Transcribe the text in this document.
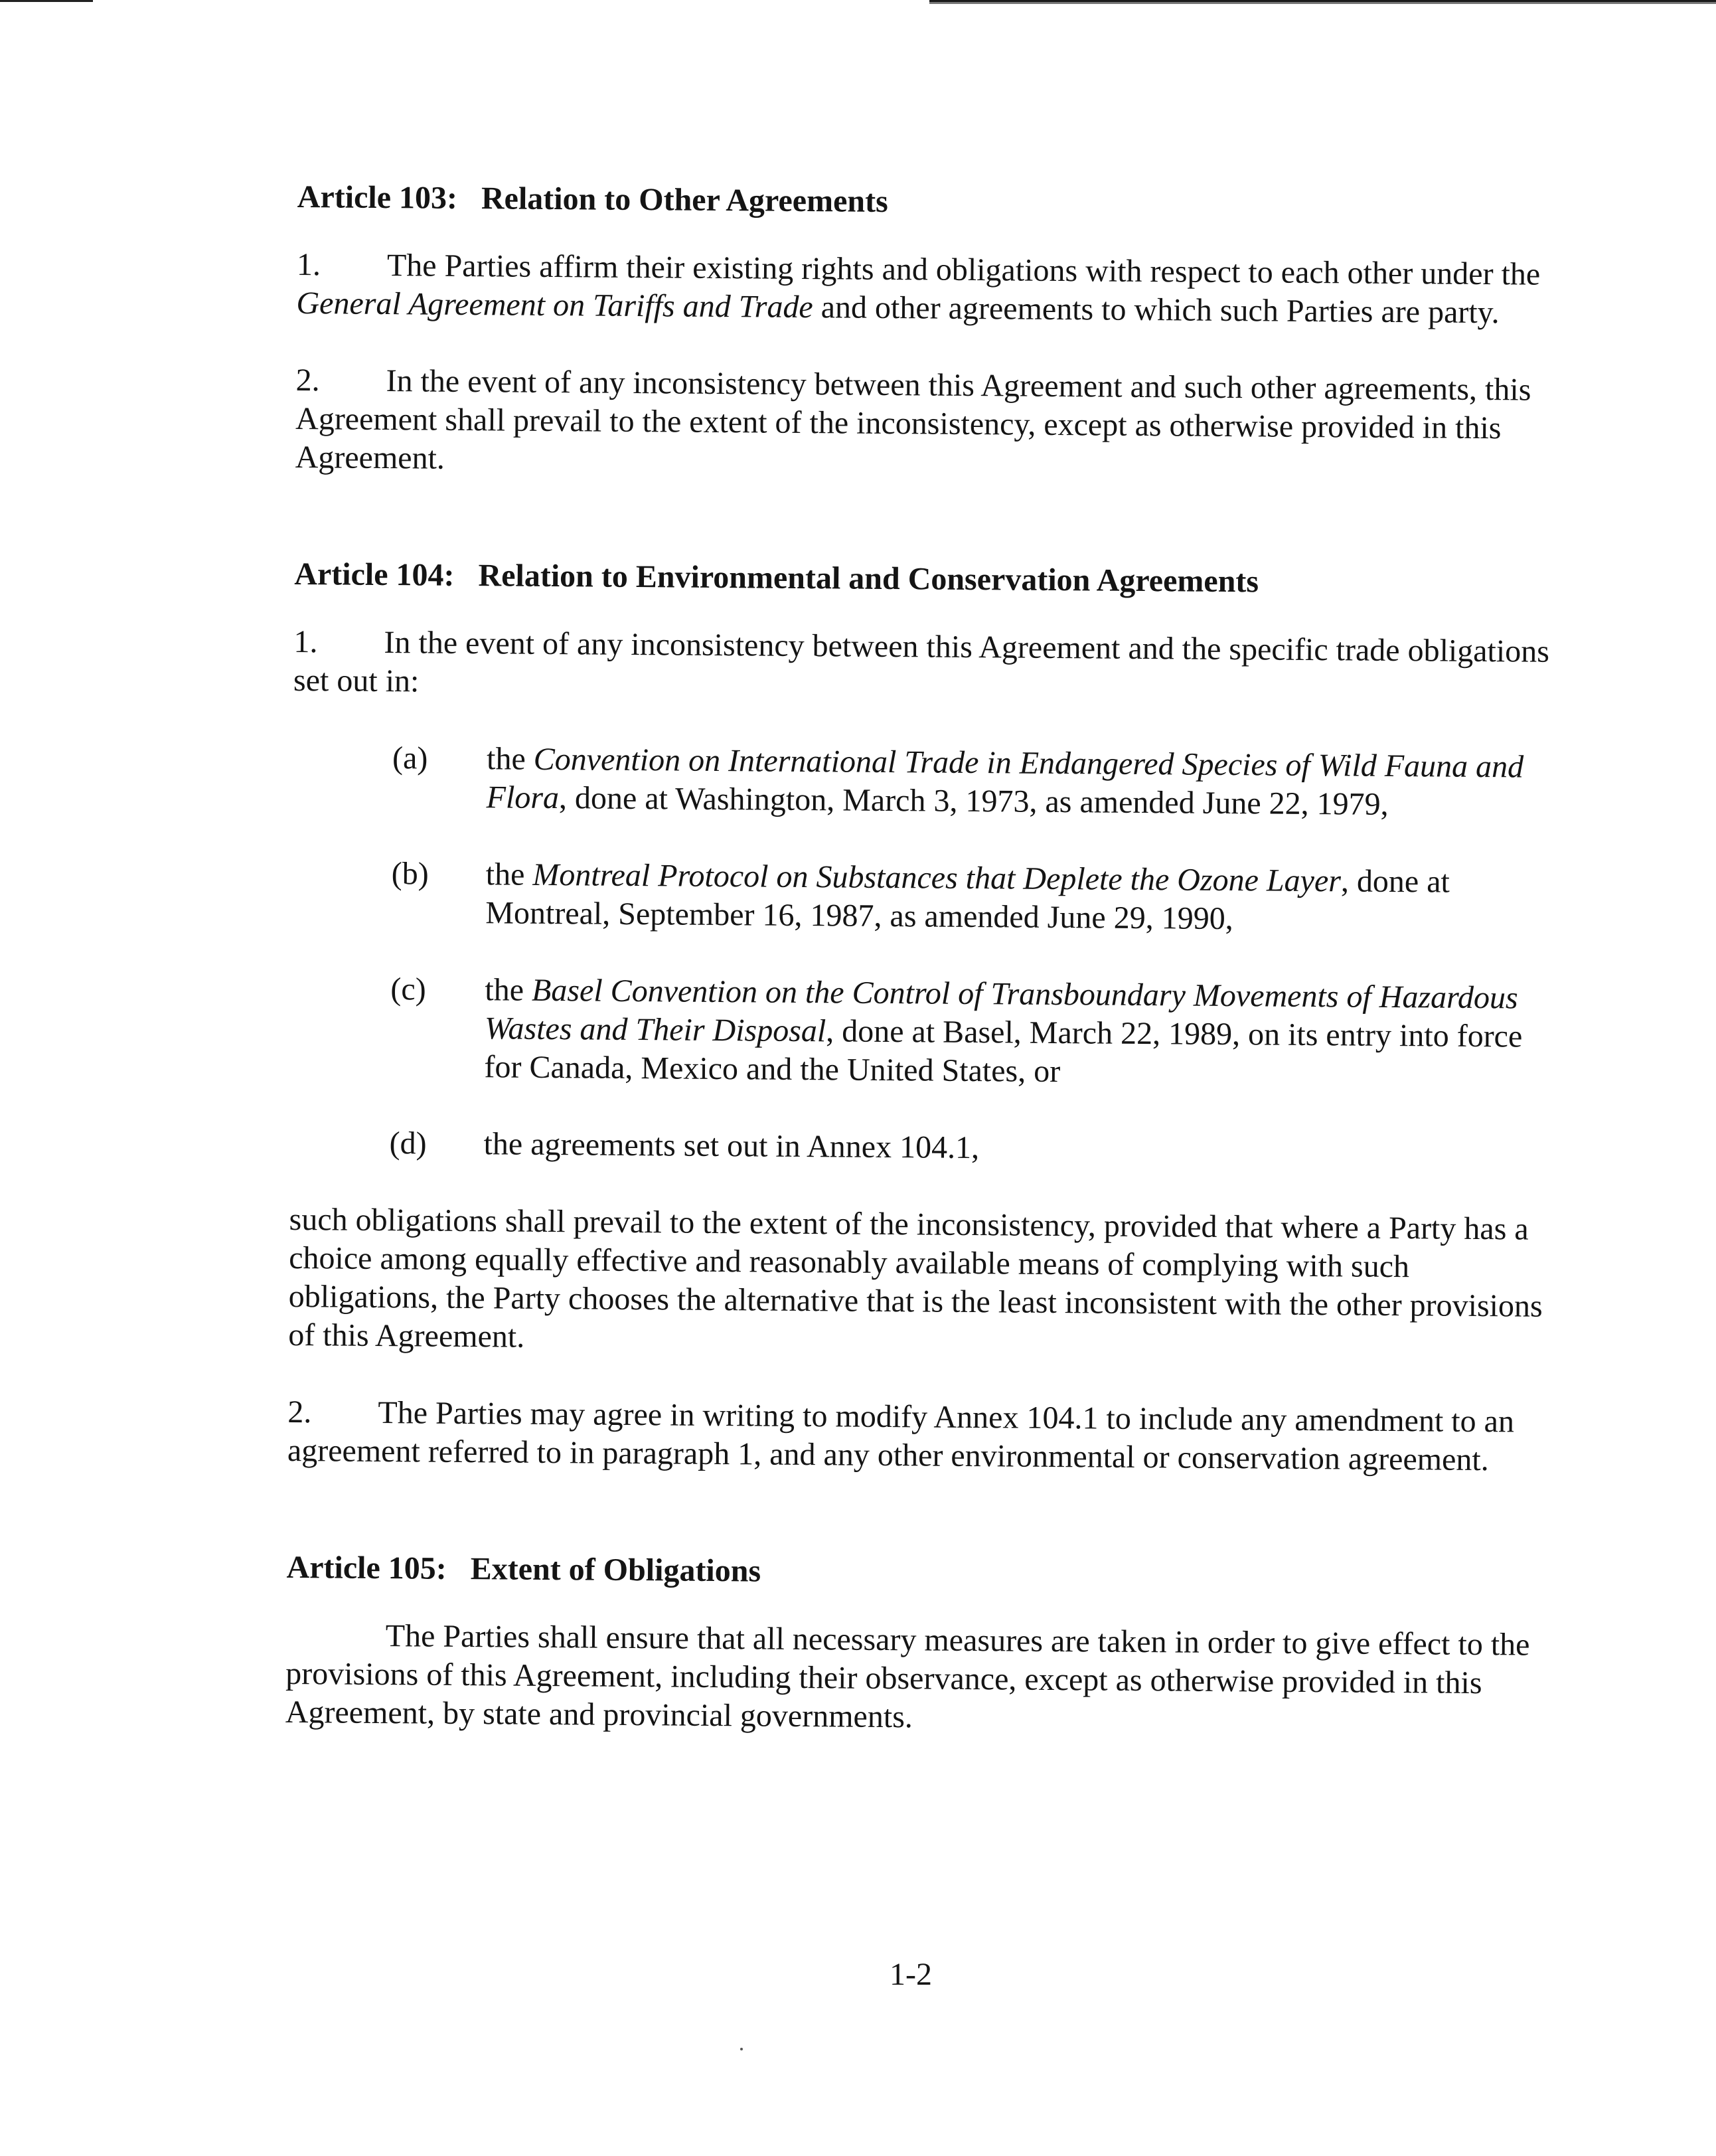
Article 103: Relation to Other Agreements

1. The Parties affirm their existing rights and obligations with respect to each other under the General Agreement on Tariffs and Trade and other agreements to which such Parties are party.

2. In the event of any inconsistency between this Agreement and such other agreements, this Agreement shall prevail to the extent of the inconsistency, except as otherwise provided in this Agreement.

Article 104: Relation to Environmental and Conservation Agreements

1. In the event of any inconsistency between this Agreement and the specific trade obligations set out in:

(a) the Convention on International Trade in Endangered Species of Wild Fauna and Flora, done at Washington, March 3, 1973, as amended June 22, 1979,

(b) the Montreal Protocol on Substances that Deplete the Ozone Layer, done at Montreal, September 16, 1987, as amended June 29, 1990,

(c) the Basel Convention on the Control of Transboundary Movements of Hazardous Wastes and Their Disposal, done at Basel, March 22, 1989, on its entry into force for Canada, Mexico and the United States, or

(d) the agreements set out in Annex 104.1,

such obligations shall prevail to the extent of the inconsistency, provided that where a Party has a choice among equally effective and reasonably available means of complying with such obligations, the Party chooses the alternative that is the least inconsistent with the other provisions of this Agreement.

2. The Parties may agree in writing to modify Annex 104.1 to include any amendment to an agreement referred to in paragraph 1, and any other environmental or conservation agreement.

Article 105: Extent of Obligations

The Parties shall ensure that all necessary measures are taken in order to give effect to the provisions of this Agreement, including their observance, except as otherwise provided in this Agreement, by state and provincial governments.

1-2
